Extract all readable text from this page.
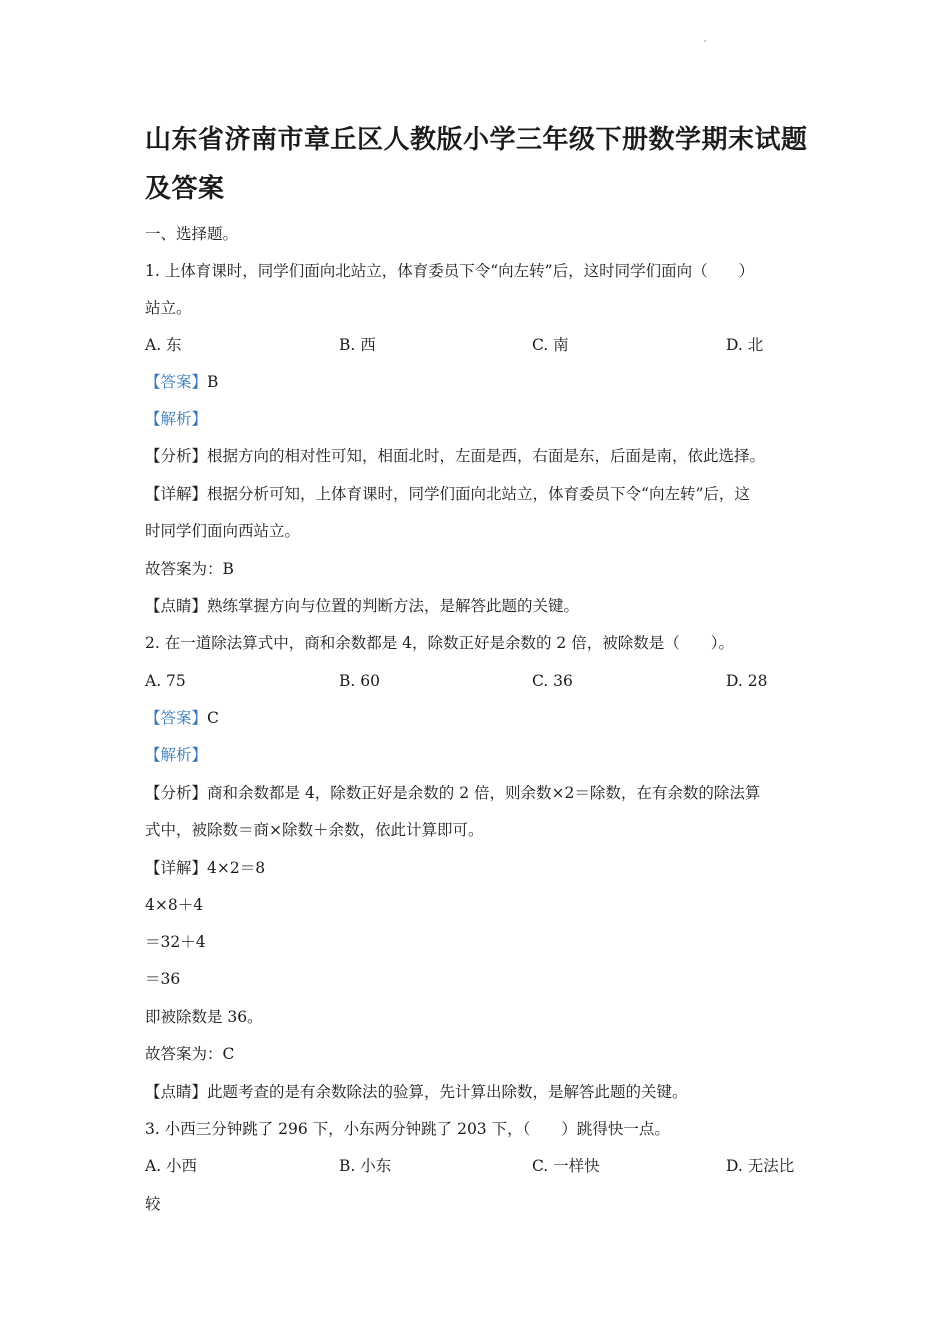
山东省济南市章丘区人教版小学三年级下册数学期末试题
及答案
一、选择题。
1. 上体育课时，同学们面向北站立，体育委员下令“向左转”后，这时同学们面向（　　）
站立。
A. 东	B. 西	C. 南	D. 北
【答案】B
【解析】
【分析】根据方向的相对性可知，相面北时，左面是西，右面是东，后面是南，依此选择。
【详解】根据分析可知，上体育课时，同学们面向北站立，体育委员下令“向左转”后，这
时同学们面向西站立。
故答案为：B
【点睛】熟练掌握方向与位置的判断方法，是解答此题的关键。
2. 在一道除法算式中，商和余数都是 4，除数正好是余数的 2 倍，被除数是（　　）。
A. 75	B. 60	C. 36	D. 28
【答案】C
【解析】
【分析】商和余数都是 4，除数正好是余数的 2 倍，则余数×2＝除数，在有余数的除法算
式中，被除数＝商×除数＋余数，依此计算即可。
【详解】4×2＝8
4×8＋4
＝32＋4
＝36
即被除数是 36。
故答案为：C
【点睛】此题考查的是有余数除法的验算，先计算出除数，是解答此题的关键。
3. 小西三分钟跳了 296 下，小东两分钟跳了 203 下，（　　）跳得快一点。
A. 小西	B. 小东	C. 一样快	D. 无法比
较
